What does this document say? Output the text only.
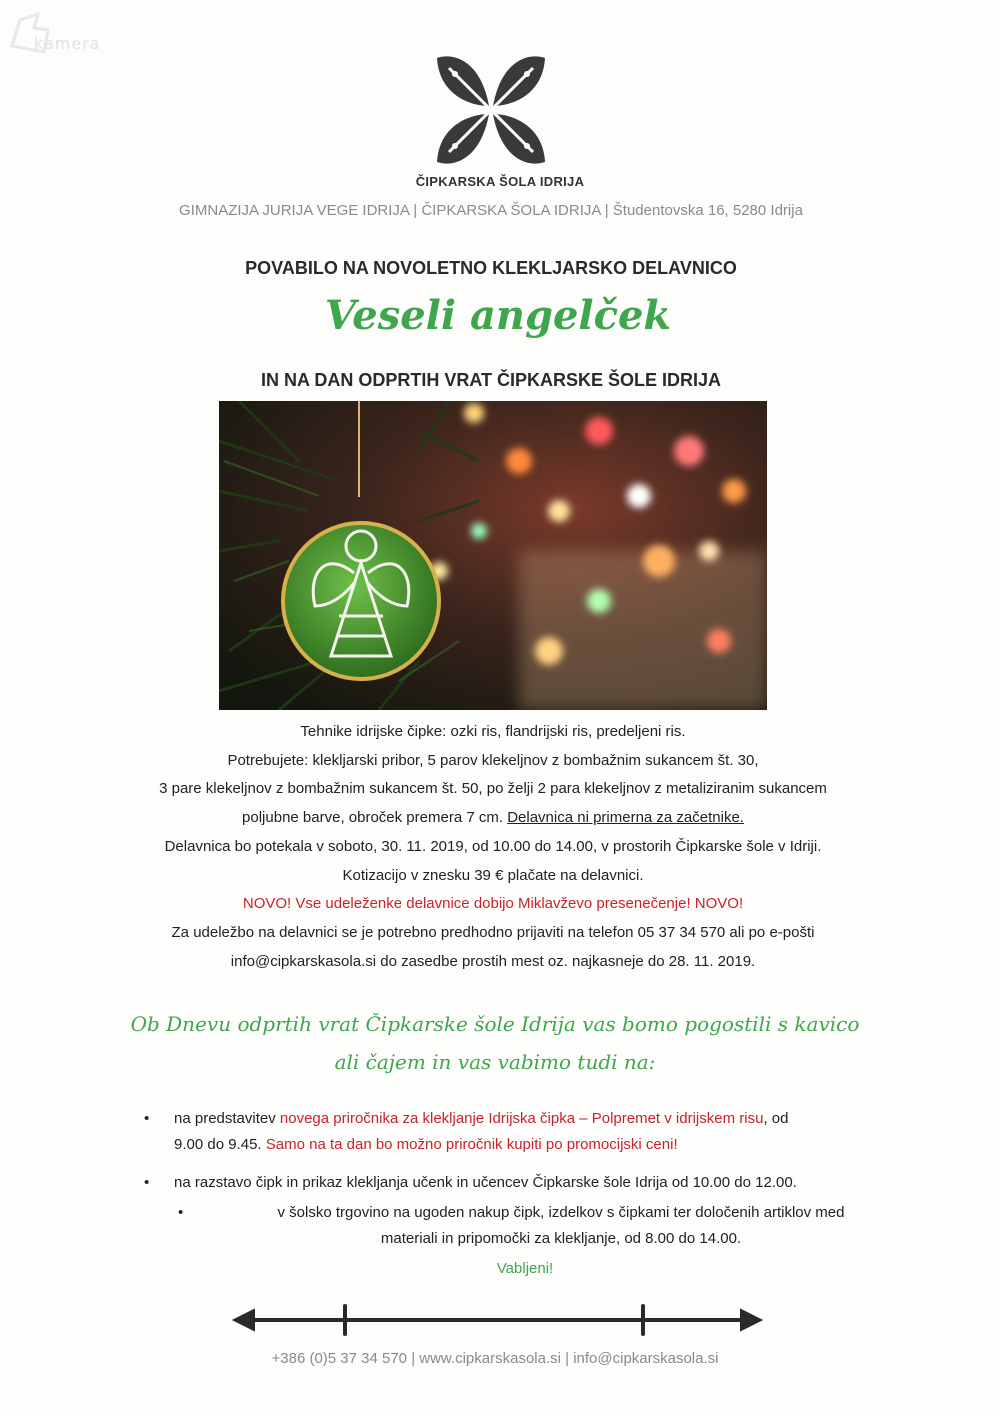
kamera
ČIPKARSKA ŠOLA IDRIJA
GIMNAZIJA JURIJA VEGE IDRIJA | ČIPKARSKA ŠOLA IDRIJA | Študentovska 16, 5280 Idrija
POVABILO NA NOVOLETNO KLEKLJARSKO DELAVNICO
Veseli angelček
IN NA DAN ODPRTIH VRAT ČIPKARSKE ŠOLE IDRIJA

Tehnike idrijske čipke: ozki ris, flandrijski ris, predeljeni ris.

Potrebujete: klekljarski pribor, 5 parov klekeljnov z bombažnim sukancem št. 30,

3 pare klekeljnov z bombažnim sukancem št. 50, po želji 2 para klekeljnov z metaliziranim sukancem

poljubne barve, obroček premera 7 cm. Delavnica ni primerna za začetnike.

Delavnica bo potekala v soboto, 30. 11. 2019, od 10.00 do 14.00, v prostorih Čipkarske šole v Idriji.

Kotizacijo v znesku 39 € plačate na delavnici.

NOVO! Vse udeleženke delavnice dobijo Miklavževo presenečenje! NOVO!

Za udeležbo na delavnici se je potrebno predhodno prijaviti na telefon 05 37 34 570 ali po e-pošti

info@cipkarskasola.si do zasedbe prostih mest oz. najkasneje do 28. 11. 2019.

Ob Dnevu odprtih vrat Čipkarske šole Idrija vas bomo pogostili s kavico

ali čajem in vas vabimo tudi na:

• na predstavitev novega priročnika za klekljanje Idrijska čipka – Polpremet v idrijskem risu, od
9.00 do 9.45. Samo na ta dan bo možno priročnik kupiti po promocijski ceni!
• na razstavo čipk in prikaz klekljanja učenk in učencev Čipkarske šole Idrija od 10.00 do 12.00.
•	v šolsko trgovino na ugoden nakup čipk, izdelkov s čipkami ter določenih artiklov med
materiali in pripomočki za klekljanje, od 8.00 do 14.00.
Vabljeni!
+386 (0)5 37 34 570 | www.cipkarskasola.si | info@cipkarskasola.si
